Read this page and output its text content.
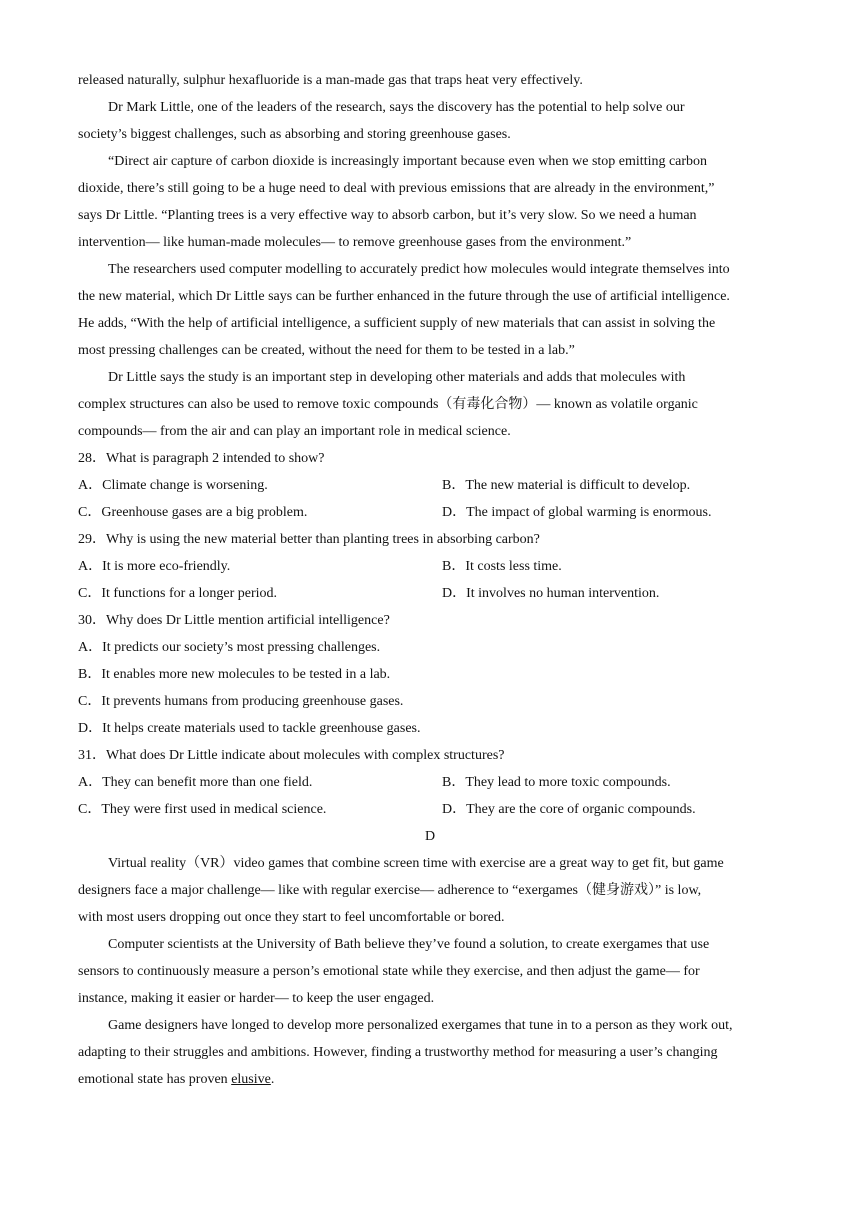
released naturally, sulphur hexafluoride is a man-made gas that traps heat very effectively.
Dr Mark Little, one of the leaders of the research, says the discovery has the potential to help solve our
society’s biggest challenges, such as absorbing and storing greenhouse gases.
“Direct air capture of carbon dioxide is increasingly important because even when we stop emitting carbon
dioxide, there’s still going to be a huge need to deal with previous emissions that are already in the environment,”
says Dr Little. “Planting trees is a very effective way to absorb carbon, but it’s very slow. So we need a human
intervention— like human-made molecules— to remove greenhouse gases from the environment.”
The researchers used computer modelling to accurately predict how molecules would integrate themselves into
the new material, which Dr Little says can be further enhanced in the future through the use of artificial intelligence.
He adds, “With the help of artificial intelligence, a sufficient supply of new materials that can assist in solving the
most pressing challenges can be created, without the need for them to be tested in a lab.”
Dr Little says the study is an important step in developing other materials and adds that molecules with
complex structures can also be used to remove toxic compounds（有毒化合物）— known as volatile organic
compounds— from the air and can play an important role in medical science.
28．What is paragraph 2 intended to show?
A．Climate change is worsening.	B．The new material is difficult to develop.
C．Greenhouse gases are a big problem.	D．The impact of global warming is enormous.
29．Why is using the new material better than planting trees in absorbing carbon?
A．It is more eco-friendly.	B．It costs less time.
C．It functions for a longer period.	D．It involves no human intervention.
30．Why does Dr Little mention artificial intelligence?
A．It predicts our society’s most pressing challenges.
B．It enables more new molecules to be tested in a lab.
C．It prevents humans from producing greenhouse gases.
D．It helps create materials used to tackle greenhouse gases.
31．What does Dr Little indicate about molecules with complex structures?
A．They can benefit more than one field.	B．They lead to more toxic compounds.
C．They were first used in medical science.	D．They are the core of organic compounds.
D
Virtual reality（VR）video games that combine screen time with exercise are a great way to get fit, but game
designers face a major challenge— like with regular exercise— adherence to “exergames（健身游戏）” is low,
with most users dropping out once they start to feel uncomfortable or bored.
Computer scientists at the University of Bath believe they’ve found a solution, to create exergames that use
sensors to continuously measure a person’s emotional state while they exercise, and then adjust the game— for
instance, making it easier or harder— to keep the user engaged.
Game designers have longed to develop more personalized exergames that tune in to a person as they work out,
adapting to their struggles and ambitions. However, finding a trustworthy method for measuring a user’s changing
emotional state has proven elusive.
